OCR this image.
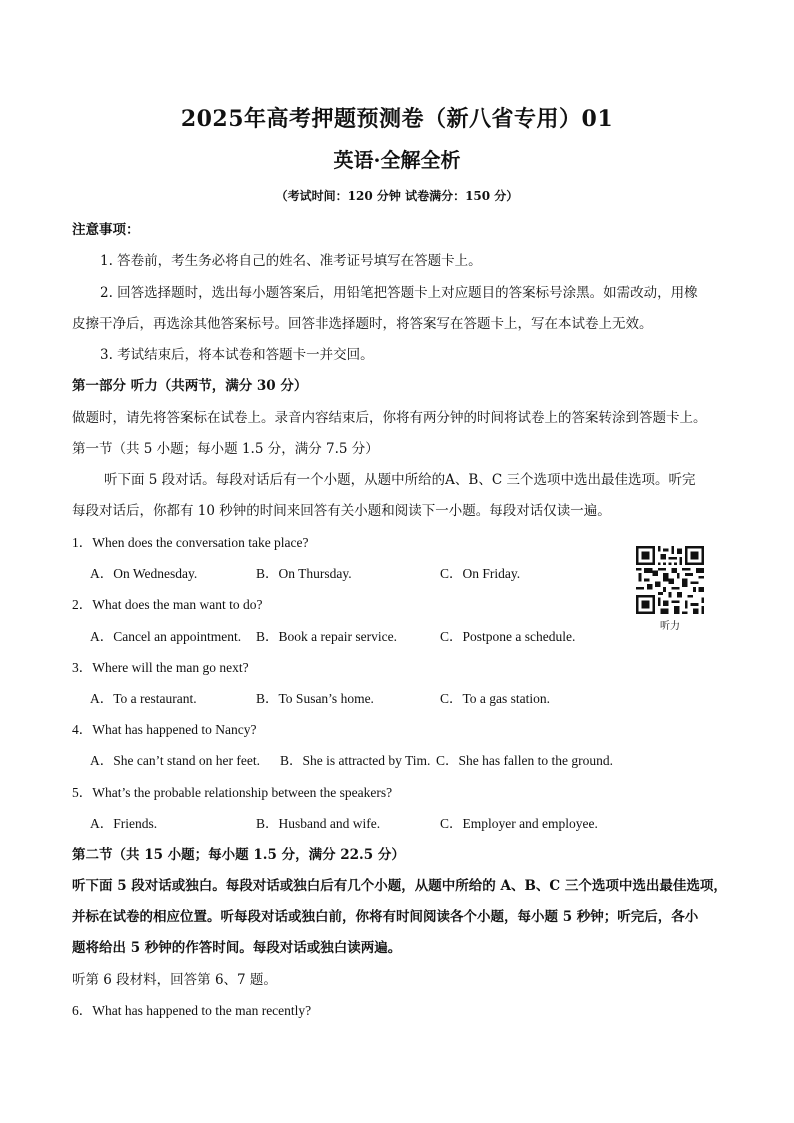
2025年高考押题预测卷（新八省专用）01
英语·全解全析
（考试时间：120 分钟 试卷满分：150 分）
注意事项：
1. 答卷前，考生务必将自己的姓名、准考证号填写在答题卡上。
2. 回答选择题时，选出每小题答案后，用铅笔把答题卡上对应题目的答案标号涂黑。如需改动，用橡
皮擦干净后，再选涂其他答案标号。回答非选择题时，将答案写在答题卡上，写在本试卷上无效。
3. 考试结束后，将本试卷和答题卡一并交回。
第一部分 听力（共两节，满分 30 分）
做题时，请先将答案标在试卷上。录音内容结束后，你将有两分钟的时间将试卷上的答案转涂到答题卡上。
第一节（共 5 小题；每小题 1.5 分，满分 7.5 分）
听下面 5 段对话。每段对话后有一个小题，从题中所给的A、B、C 三个选项中选出最佳选项。听完
每段对话后，你都有 10 秒钟的时间来回答有关小题和阅读下一小题。每段对话仅读一遍。
1．When does the conversation take place?
A．On Wednesday.	B．On Thursday.	C．On Friday.
2．What does the man want to do?
A．Cancel an appointment. B．Book a repair service.	C．Postpone a schedule.
3．Where will the man go next?
A．To a restaurant.	B．To Susan’s home.	C．To a gas station.
4．What has happened to Nancy?
A．She can’t stand on her feet. B．She is attracted by Tim. C．She has fallen to the ground.
5．What’s the probable relationship between the speakers?
A．Friends.	B．Husband and wife.	C．Employer and employee.
听力
第二节（共 15 小题；每小题 1.5 分，满分 22.5 分）
听下面 5 段对话或独白。每段对话或独白后有几个小题，从题中所给的 A、B、C 三个选项中选出最佳选项，
并标在试卷的相应位置。听每段对话或独白前，你将有时间阅读各个小题，每小题 5 秒钟；听完后，各小
题将给出 5 秒钟的作答时间。每段对话或独白读两遍。
听第 6 段材料，回答第 6、7 题。
6．What has happened to the man recently?
